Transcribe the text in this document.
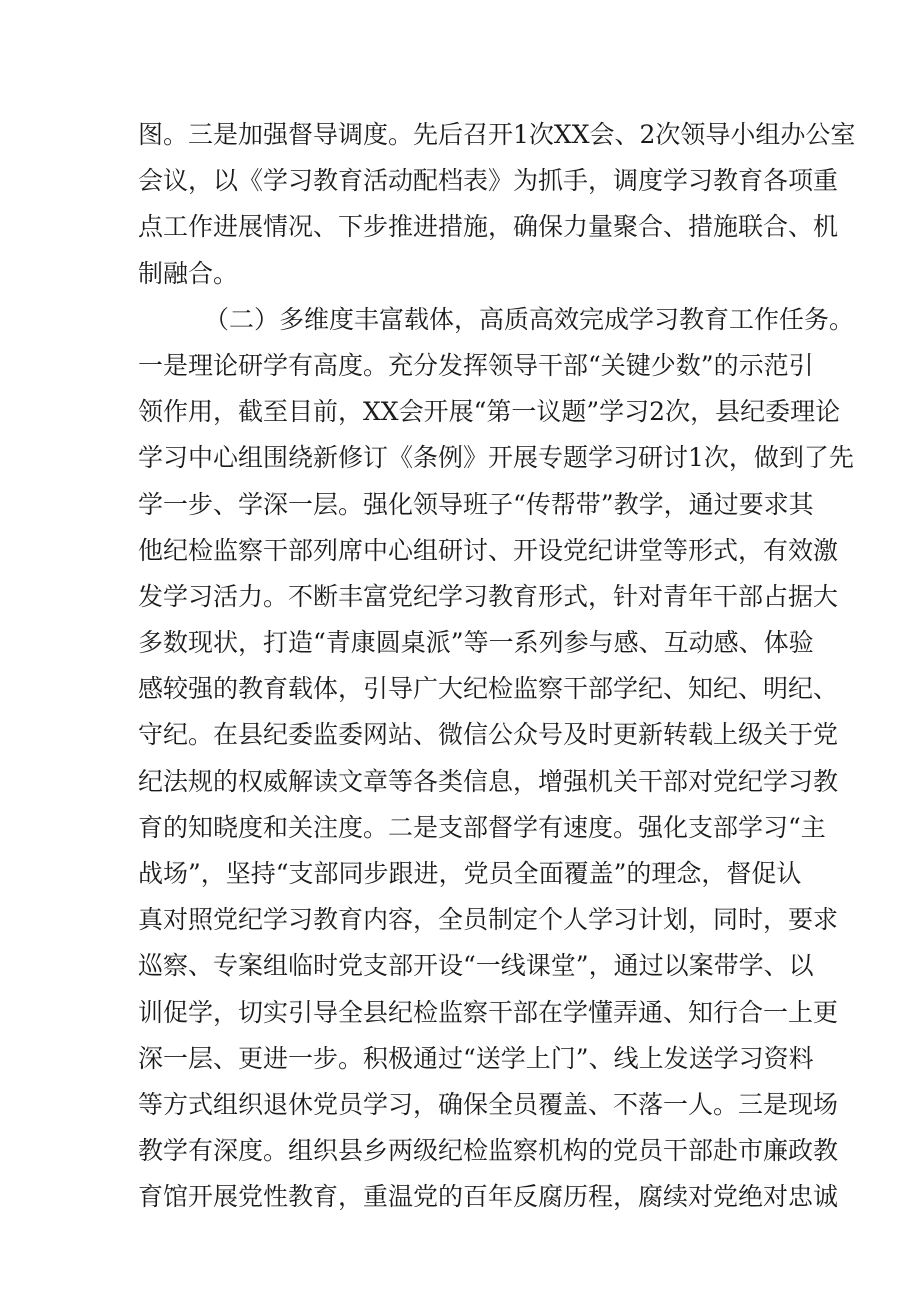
图。三是加强督导调度。先后召开1次XX会、2次领导小组办公室
会议，以《学习教育活动配档表》为抓手，调度学习教育各项重
点工作进展情况、下步推进措施，确保力量聚合、措施联合、机
制融合。
（二）多维度丰富载体，高质高效完成学习教育工作任务。
一是理论研学有高度。充分发挥领导干部“关键少数”的示范引
领作用，截至目前，XX会开展“第一议题”学习2次，县纪委理论
学习中心组围绕新修订《条例》开展专题学习研讨1次，做到了先
学一步、学深一层。强化领导班子“传帮带”教学，通过要求其
他纪检监察干部列席中心组研讨、开设党纪讲堂等形式，有效激
发学习活力。不断丰富党纪学习教育形式，针对青年干部占据大
多数现状，打造“青康圆桌派”等一系列参与感、互动感、体验
感较强的教育载体，引导广大纪检监察干部学纪、知纪、明纪、
守纪。在县纪委监委网站、微信公众号及时更新转载上级关于党
纪法规的权威解读文章等各类信息，增强机关干部对党纪学习教
育的知晓度和关注度。二是支部督学有速度。强化支部学习“主
战场”，坚持“支部同步跟进，党员全面覆盖”的理念，督促认
真对照党纪学习教育内容，全员制定个人学习计划，同时，要求
巡察、专案组临时党支部开设“一线课堂”，通过以案带学、以
训促学，切实引导全县纪检监察干部在学懂弄通、知行合一上更
深一层、更进一步。积极通过“送学上门”、线上发送学习资料
等方式组织退休党员学习，确保全员覆盖、不落一人。三是现场
教学有深度。组织县乡两级纪检监察机构的党员干部赴市廉政教
育馆开展党性教育，重温党的百年反腐历程，腐续对党绝对忠诚
